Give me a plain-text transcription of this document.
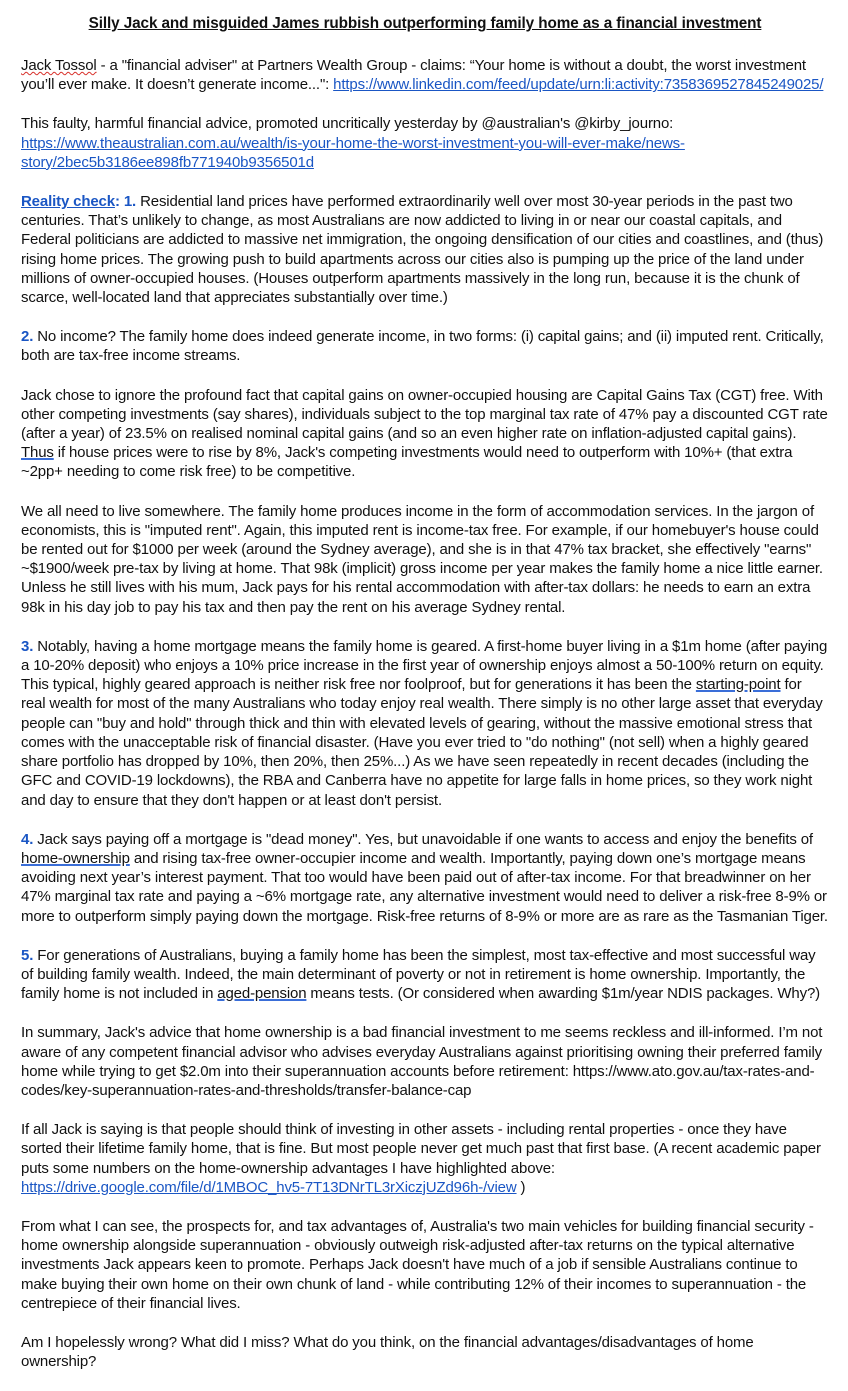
Silly Jack and misguided James rubbish outperforming family home as a financial investment

Jack Tossol - a "financial adviser" at Partners Wealth Group - claims: “Your home is without a doubt, the worst investment you’ll ever make. It doesn’t generate income...": https://www.linkedin.com/feed/update/urn:li:activity:7358369527845249025/

This faulty, harmful financial advice, promoted uncritically yesterday by @australian's @kirby_journo: https://www.theaustralian.com.au/wealth/is-your-home-the-worst-investment-you-will-ever-make/news-story/2bec5b3186ee898fb771940b9356501d

Reality check: 1. Residential land prices have performed extraordinarily well over most 30-year periods in the past two centuries. That’s unlikely to change, as most Australians are now addicted to living in or near our coastal capitals, and Federal politicians are addicted to massive net immigration, the ongoing densification of our cities and coastlines, and (thus) rising home prices. The growing push to build apartments across our cities also is pumping up the price of the land under millions of owner-occupied houses. (Houses outperform apartments massively in the long run, because it is the chunk of scarce, well-located land that appreciates substantially over time.)

2. No income? The family home does indeed generate income, in two forms: (i) capital gains; and (ii) imputed rent. Critically, both are tax-free income streams.

Jack chose to ignore the profound fact that capital gains on owner-occupied housing are Capital Gains Tax (CGT) free. With other competing investments (say shares), individuals subject to the top marginal tax rate of 47% pay a discounted CGT rate (after a year) of 23.5% on realised nominal capital gains (and so an even higher rate on inflation-adjusted capital gains). Thus if house prices were to rise by 8%, Jack's competing investments would need to outperform with 10%+ (that extra ~2pp+ needing to come risk free) to be competitive.

We all need to live somewhere. The family home produces income in the form of accommodation services. In the jargon of economists, this is "imputed rent". Again, this imputed rent is income-tax free. For example, if our homebuyer's house could be rented out for $1000 per week (around the Sydney average), and she is in that 47% tax bracket, she effectively "earns" ~$1900/week pre-tax by living at home. That 98k (implicit) gross income per year makes the family home a nice little earner. Unless he still lives with his mum, Jack pays for his rental accommodation with after-tax dollars: he needs to earn an extra 98k in his day job to pay his tax and then pay the rent on his average Sydney rental.

3. Notably, having a home mortgage means the family home is geared. A first-home buyer living in a $1m home (after paying a 10-20% deposit) who enjoys a 10% price increase in the first year of ownership enjoys almost a 50-100% return on equity. This typical, highly geared approach is neither risk free nor foolproof, but for generations it has been the starting-point for real wealth for most of the many Australians who today enjoy real wealth. There simply is no other large asset that everyday people can "buy and hold" through thick and thin with elevated levels of gearing, without the massive emotional stress that comes with the unacceptable risk of financial disaster. (Have you ever tried to "do nothing" (not sell) when a highly geared share portfolio has dropped by 10%, then 20%, then 25%...) As we have seen repeatedly in recent decades (including the GFC and COVID-19 lockdowns), the RBA and Canberra have no appetite for large falls in home prices, so they work night and day to ensure that they don't happen or at least don't persist.

4. Jack says paying off a mortgage is "dead money". Yes, but unavoidable if one wants to access and enjoy the benefits of home-ownership and rising tax-free owner-occupier income and wealth. Importantly, paying down one’s mortgage means avoiding next year’s interest payment. That too would have been paid out of after-tax income. For that breadwinner on her 47% marginal tax rate and paying a ~6% mortgage rate, any alternative investment would need to deliver a risk-free 8-9% or more to outperform simply paying down the mortgage. Risk-free returns of 8-9% or more are as rare as the Tasmanian Tiger.

5. For generations of Australians, buying a family home has been the simplest, most tax-effective and most successful way of building family wealth. Indeed, the main determinant of poverty or not in retirement is home ownership. Importantly, the family home is not included in aged-pension means tests. (Or considered when awarding $1m/year NDIS packages. Why?)

In summary, Jack's advice that home ownership is a bad financial investment to me seems reckless and ill-informed. I’m not aware of any competent financial advisor who advises everyday Australians against prioritising owning their preferred family home while trying to get $2.0m into their superannuation accounts before retirement: https://www.ato.gov.au/tax-rates-and-codes/key-superannuation-rates-and-thresholds/transfer-balance-cap

If all Jack is saying is that people should think of investing in other assets - including rental properties - once they have sorted their lifetime family home, that is fine. But most people never get much past that first base. (A recent academic paper puts some numbers on the home-ownership advantages I have highlighted above: https://drive.google.com/file/d/1MBOC_hv5-7T13DNrTL3rXiczjUZd96h-/view )

From what I can see, the prospects for, and tax advantages of, Australia's two main vehicles for building financial security - home ownership alongside superannuation - obviously outweigh risk-adjusted after-tax returns on the typical alternative investments Jack appears keen to promote. Perhaps Jack doesn't have much of a job if sensible Australians continue to make buying their own home on their own chunk of land - while contributing 12% of their incomes to superannuation - the centrepiece of their financial lives.

Am I hopelessly wrong? What did I miss? What do you think, on the financial advantages/disadvantages of home ownership?
